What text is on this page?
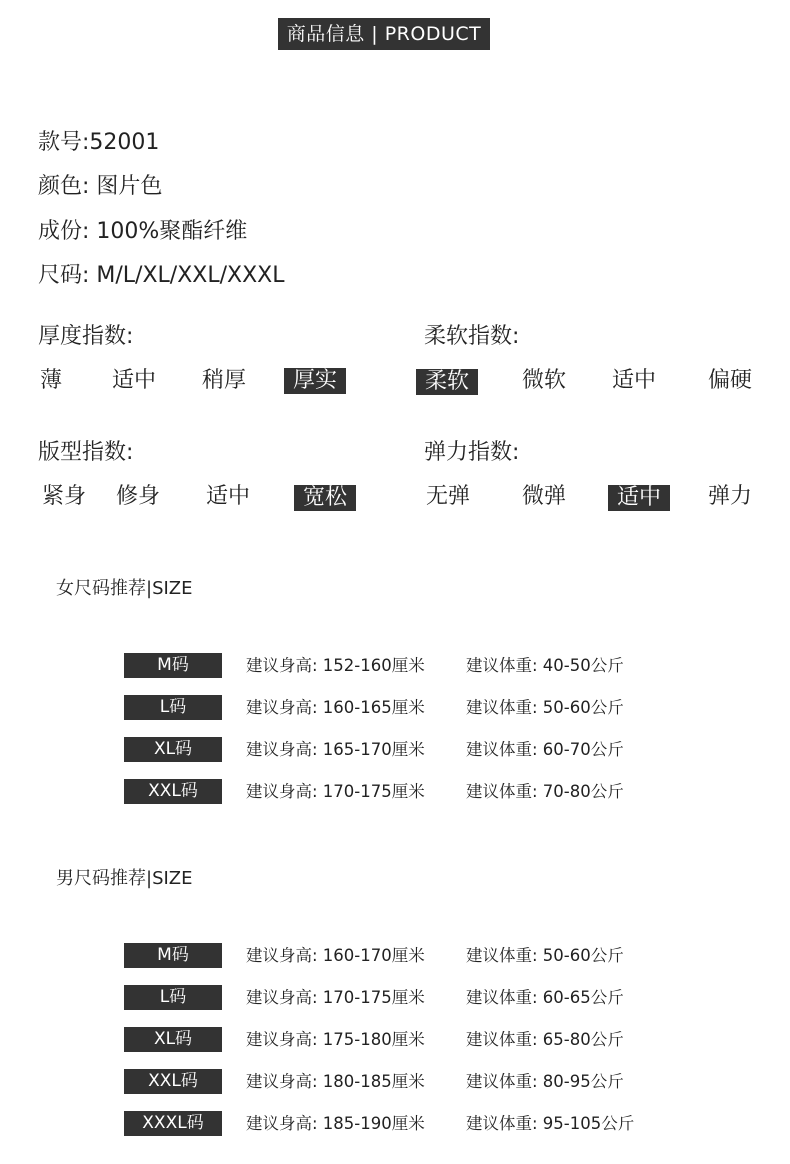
商品信息 | PRODUCT
款号:52001
颜色: 图片色
成份: 100%聚酯纤维
尺码: M/L/XL/XXL/XXXL
厚度指数:
薄 适中 稍厚	厚实
柔软指数:
柔软	微软 适中 偏硬
版型指数:
紧身 修身 适中	宽松
弹力指数:
无弹 微弹	适中	弹力
女尺码推荐|SIZE
M码	建议身高: 152-160厘米	建议体重: 40-50公斤
L码	建议身高: 160-165厘米	建议体重: 50-60公斤
XL码	建议身高: 165-170厘米	建议体重: 60-70公斤
XXL码	建议身高: 170-175厘米	建议体重: 70-80公斤
男尺码推荐|SIZE
M码	建议身高: 160-170厘米	建议体重: 50-60公斤
L码	建议身高: 170-175厘米	建议体重: 60-65公斤
XL码	建议身高: 175-180厘米	建议体重: 65-80公斤
XXL码	建议身高: 180-185厘米	建议体重: 80-95公斤
XXXL码	建议身高: 185-190厘米	建议体重: 95-105公斤
